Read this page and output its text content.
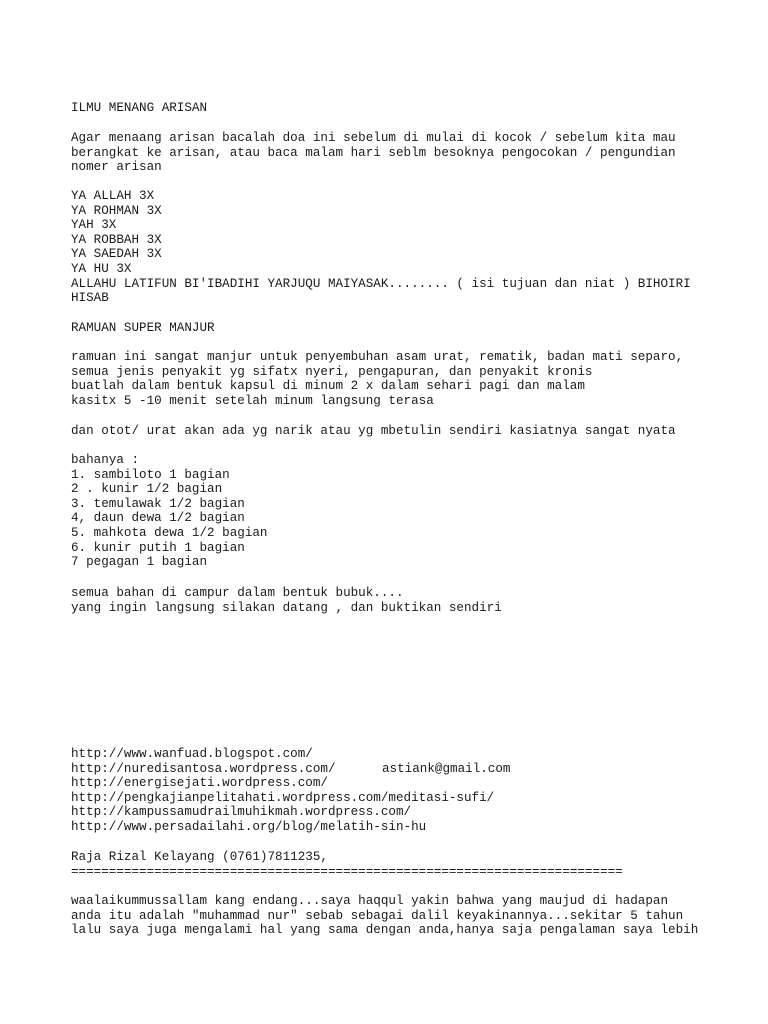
ILMU MENANG ARISAN
Agar menaang arisan bacalah doa ini sebelum di mulai di kocok / sebelum kita mau
berangkat ke arisan, atau baca malam hari seblm besoknya pengocokan / pengundian
nomer arisan
YA ALLAH 3X
YA ROHMAN 3X
YAH 3X
YA ROBBAH 3X
YA SAEDAH 3X
YA HU 3X
ALLAHU LATIFUN BI'IBADIHI YARJUQU MAIYASAK........ ( isi tujuan dan niat ) BIHOIRI
HISAB
RAMUAN SUPER MANJUR
ramuan ini sangat manjur untuk penyembuhan asam urat, rematik, badan mati separo,
semua jenis penyakit yg sifatx nyeri, pengapuran, dan penyakit kronis
buatlah dalam bentuk kapsul di minum 2 x dalam sehari pagi dan malam
kasitx 5 -10 menit setelah minum langsung terasa
dan otot/ urat akan ada yg narik atau yg mbetulin sendiri kasiatnya sangat nyata
bahanya :
1. sambiloto 1 bagian
2 . kunir 1/2 bagian
3. temulawak 1/2 bagian
4, daun dewa 1/2 bagian
5. mahkota dewa 1/2 bagian
6. kunir putih 1 bagian
7 pegagan 1 bagian
semua bahan di campur dalam bentuk bubuk....
yang ingin langsung silakan datang , dan buktikan sendiri
http://www.wanfuad.blogspot.com/
http://nuredisantosa.wordpress.com/
http://energisejati.wordpress.com/
http://pengkajianpelitahati.wordpress.com/meditasi-sufi/
http://kampussamudrailmuhikmah.wordpress.com/
http://www.persadailahi.org/blog/melatih-sin-hu
astiank@gmail.com
Raja Rizal Kelayang (0761)7811235,
=========================================================================
waalaikummussallam kang endang...saya haqqul yakin bahwa yang maujud di hadapan
anda itu adalah "muhammad nur" sebab sebagai dalil keyakinannya...sekitar 5 tahun
lalu saya juga mengalami hal yang sama dengan anda,hanya saja pengalaman saya lebih
